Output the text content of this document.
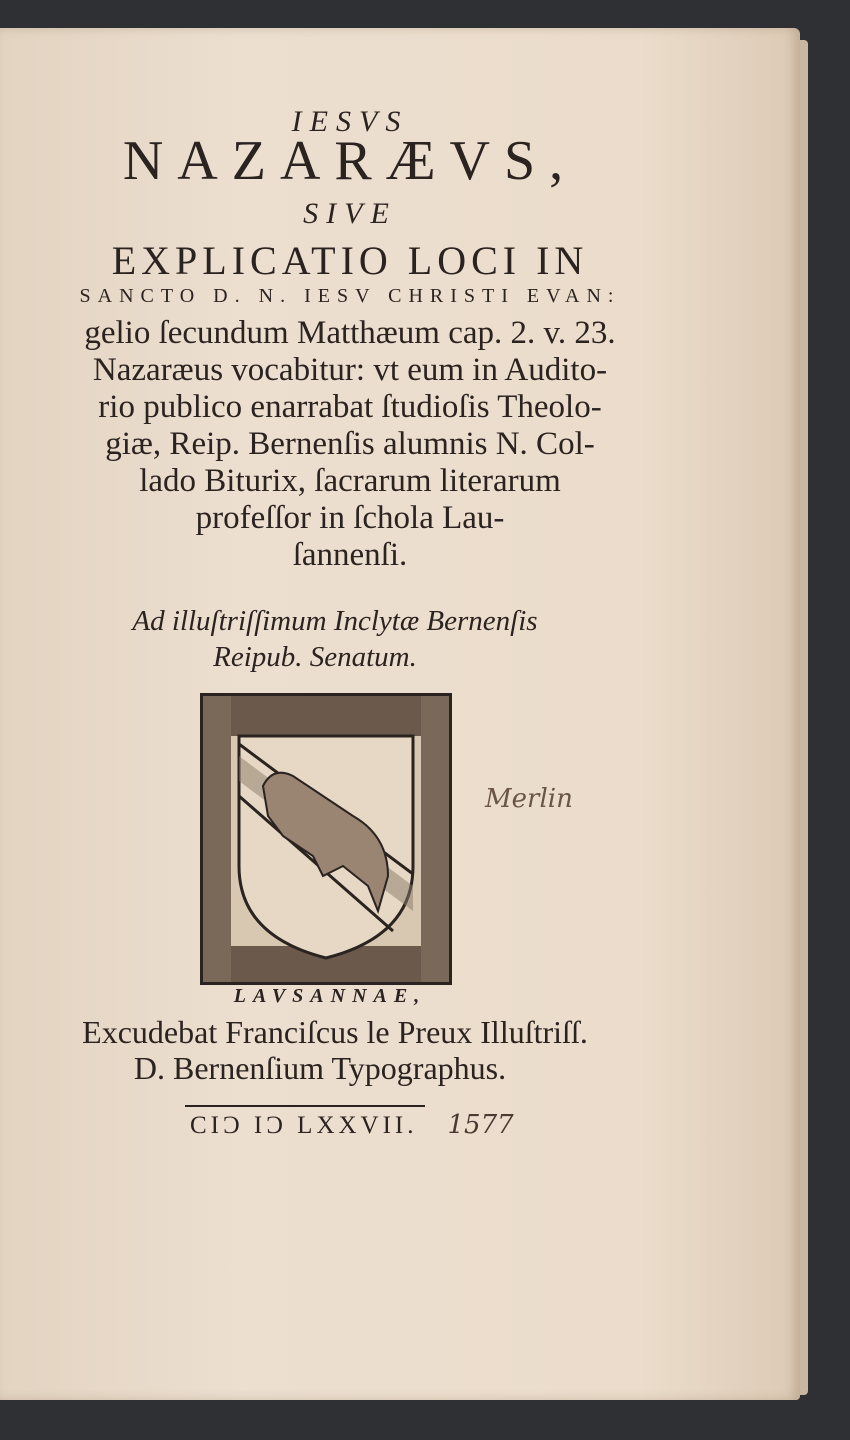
IESVS
NAZARÆVS,
SIVE
EXPLICATIO LOCI IN
SANCTO D. N. IESV CHRISTI EVAN:
gelio ſecundum Matthæum cap. 2. v. 23.
Nazaræus vocabitur: vt eum in Audito-
rio publico enarrabat ſtudioſis Theolo-
giæ, Reip. Bernenſis alumnis N. Col-
lado Biturix, ſacrarum literarum
profeſſor in ſchola Lau-
ſannenſi.
Ad illuſtriſſimum Inclytæ Bernenſis
Reipub. Senatum.
Merlin
LAVSANNAE,
Excudebat Franciſcus le Preux Illuſtriſſ.
D. Bernenſium Typographus.
CIƆ IƆ LXXVII. 1577
